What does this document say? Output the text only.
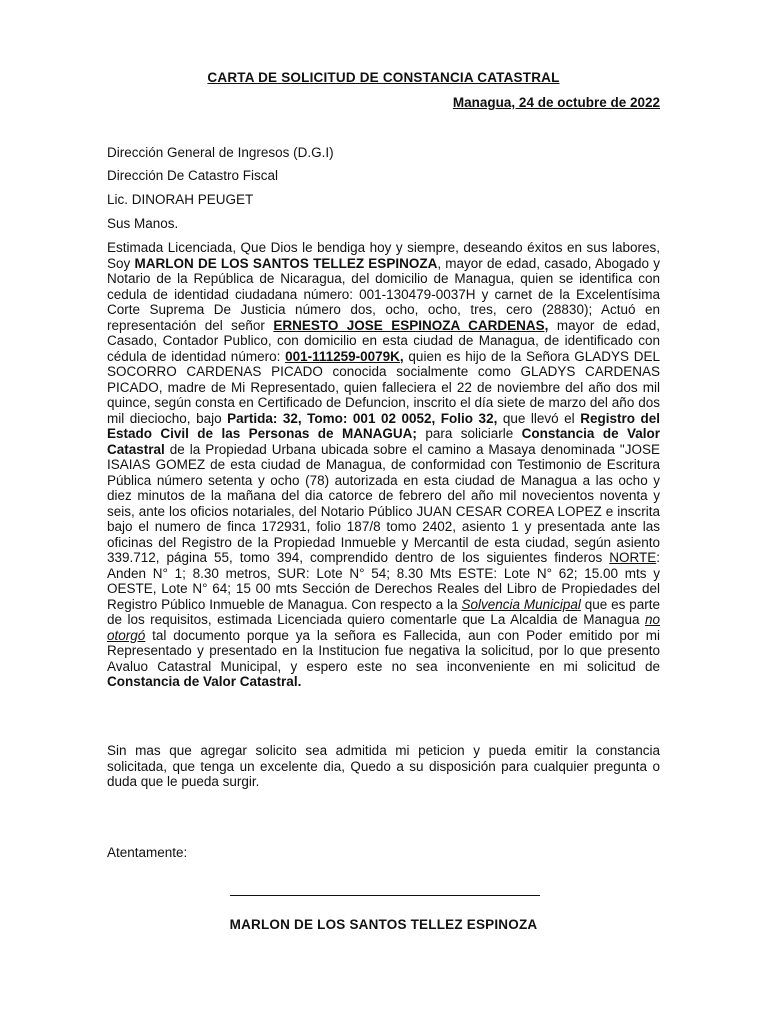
CARTA DE SOLICITUD DE CONSTANCIA CATASTRAL
Managua, 24 de octubre de 2022
Dirección General de Ingresos (D.G.I)
Dirección De Catastro Fiscal
Lic. DINORAH PEUGET
Sus Manos.

Estimada Licenciada, Que Dios le bendiga hoy y siempre, deseando éxitos en sus labores, Soy MARLON DE LOS SANTOS TELLEZ ESPINOZA, mayor de edad, casado, Abogado y Notario de la República de Nicaragua, del domicilio de Managua, quien se identifica con cedula de identidad ciudadana número: 001-130479-0037H y carnet de la Excelentísima Corte Suprema De Justicia número dos, ocho, ocho, tres, cero (28830); Actuó en representación del señor ERNESTO JOSE ESPINOZA CARDENAS, mayor de edad, Casado, Contador Publico, con domicilio en esta ciudad de Managua, de identificado con cédula de identidad número: 001-111259-0079K, quien es hijo de la Señora GLADYS DEL SOCORRO CARDENAS PICADO conocida socialmente como GLADYS CARDENAS PICADO, madre de Mi Representado, quien falleciera el 22 de noviembre del año dos mil quince, según consta en Certificado de Defuncion, inscrito el día siete de marzo del año dos mil dieciocho, bajo Partida: 32, Tomo: 001 02 0052, Folio 32, que llevó el Registro del Estado Civil de las Personas de MANAGUA; para soliciarle Constancia de Valor Catastral de la Propiedad Urbana ubicada sobre el camino a Masaya denominada "JOSE ISAIAS GOMEZ de esta ciudad de Managua, de conformidad con Testimonio de Escritura Pública número setenta y ocho (78) autorizada en esta ciudad de Managua a las ocho y diez minutos de la mañana del dia catorce de febrero del año mil novecientos noventa y seis, ante los oficios notariales, del Notario Público JUAN CESAR COREA LOPEZ e inscrita bajo el numero de finca 172931, folio 187/8 tomo 2402, asiento 1 y presentada ante las oficinas del Registro de la Propiedad Inmueble y Mercantil de esta ciudad, según asiento 339.712, página 55, tomo 394, comprendido dentro de los siguientes finderos NORTE: Anden N° 1; 8.30 metros, SUR: Lote N° 54; 8.30 Mts ESTE: Lote N° 62; 15.00 mts y OESTE, Lote N° 64; 15 00 mts Sección de Derechos Reales del Libro de Propiedades del Registro Público Inmueble de Managua. Con respecto a la Solvencia Municipal que es parte de los requisitos, estimada Licenciada quiero comentarle que La Alcaldia de Managua no otorgó tal documento porque ya la señora es Fallecida, aun con Poder emitido por mi Representado y presentado en la Institucion fue negativa la solicitud, por lo que presento Avaluo Catastral Municipal, y espero este no sea inconveniente en mi solicitud de Constancia de Valor Catastral.

Sin mas que agregar solicito sea admitida mi peticion y pueda emitir la constancia solicitada, que tenga un excelente dia, Quedo a su disposición para cualquier pregunta o duda que le pueda surgir.
Atentamente:
MARLON DE LOS SANTOS TELLEZ ESPINOZA
